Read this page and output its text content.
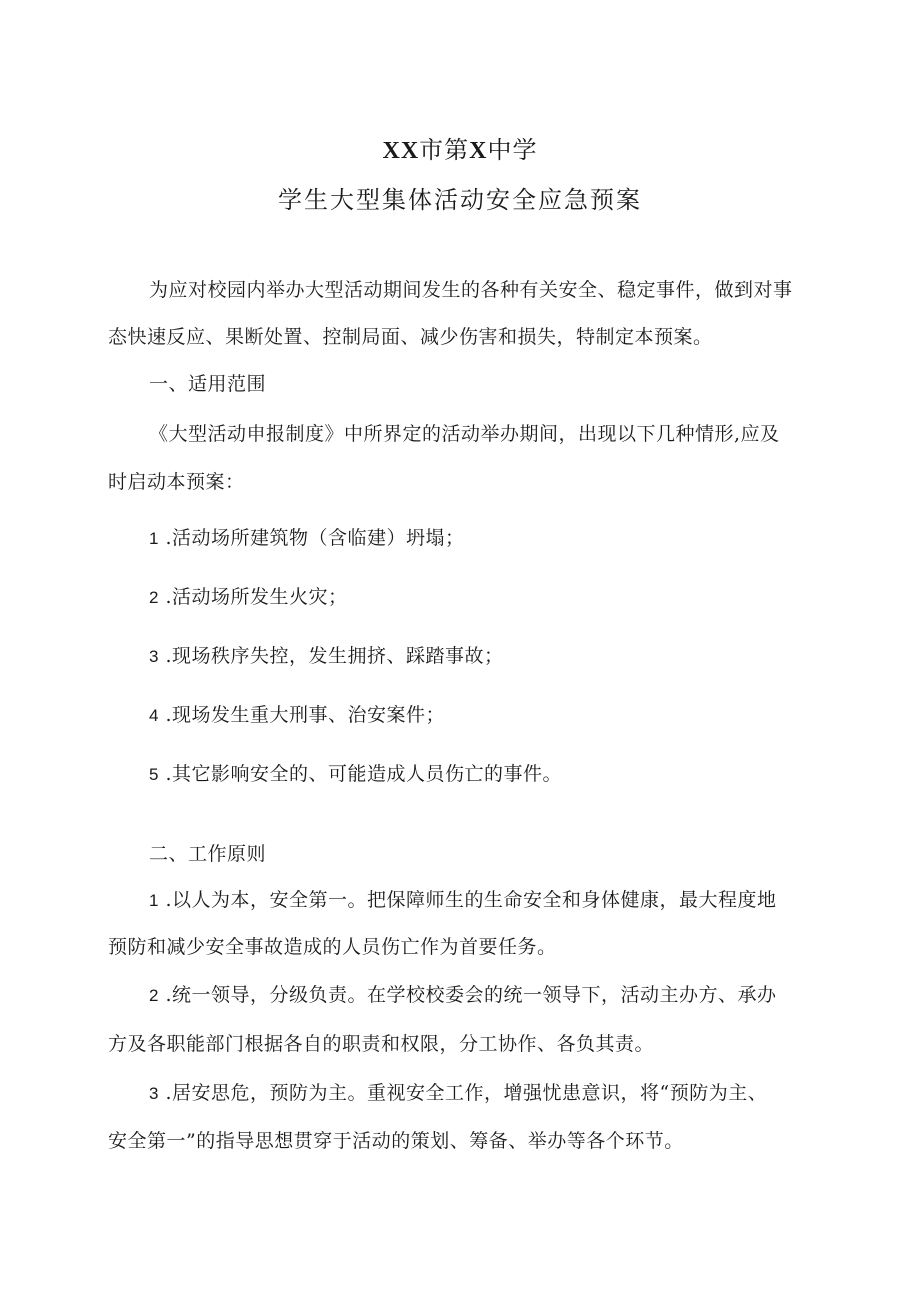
XX市第X中学
学生大型集体活动安全应急预案
为应对校园内举办大型活动期间发生的各种有关安全、稳定事件，做到对事
态快速反应、果断处置、控制局面、减少伤害和损失，特制定本预案。
一、适用范围
《大型活动申报制度》中所界定的活动举办期间，出现以下几种情形,应及
时启动本预案：
1 .活动场所建筑物（含临建）坍塌；
2 .活动场所发生火灾；
3 .现场秩序失控，发生拥挤、踩踏事故；
4 .现场发生重大刑事、治安案件；
5 .其它影响安全的、可能造成人员伤亡的事件。
二、工作原则
1 .以人为本，安全第一。把保障师生的生命安全和身体健康，最大程度地
预防和减少安全事故造成的人员伤亡作为首要任务。
2 .统一领导，分级负责。在学校校委会的统一领导下，活动主办方、承办
方及各职能部门根据各自的职责和权限，分工协作、各负其责。
3 .居安思危，预防为主。重视安全工作，增强忧患意识，将“预防为主、
安全第一”的指导思想贯穿于活动的策划、筹备、举办等各个环节。
